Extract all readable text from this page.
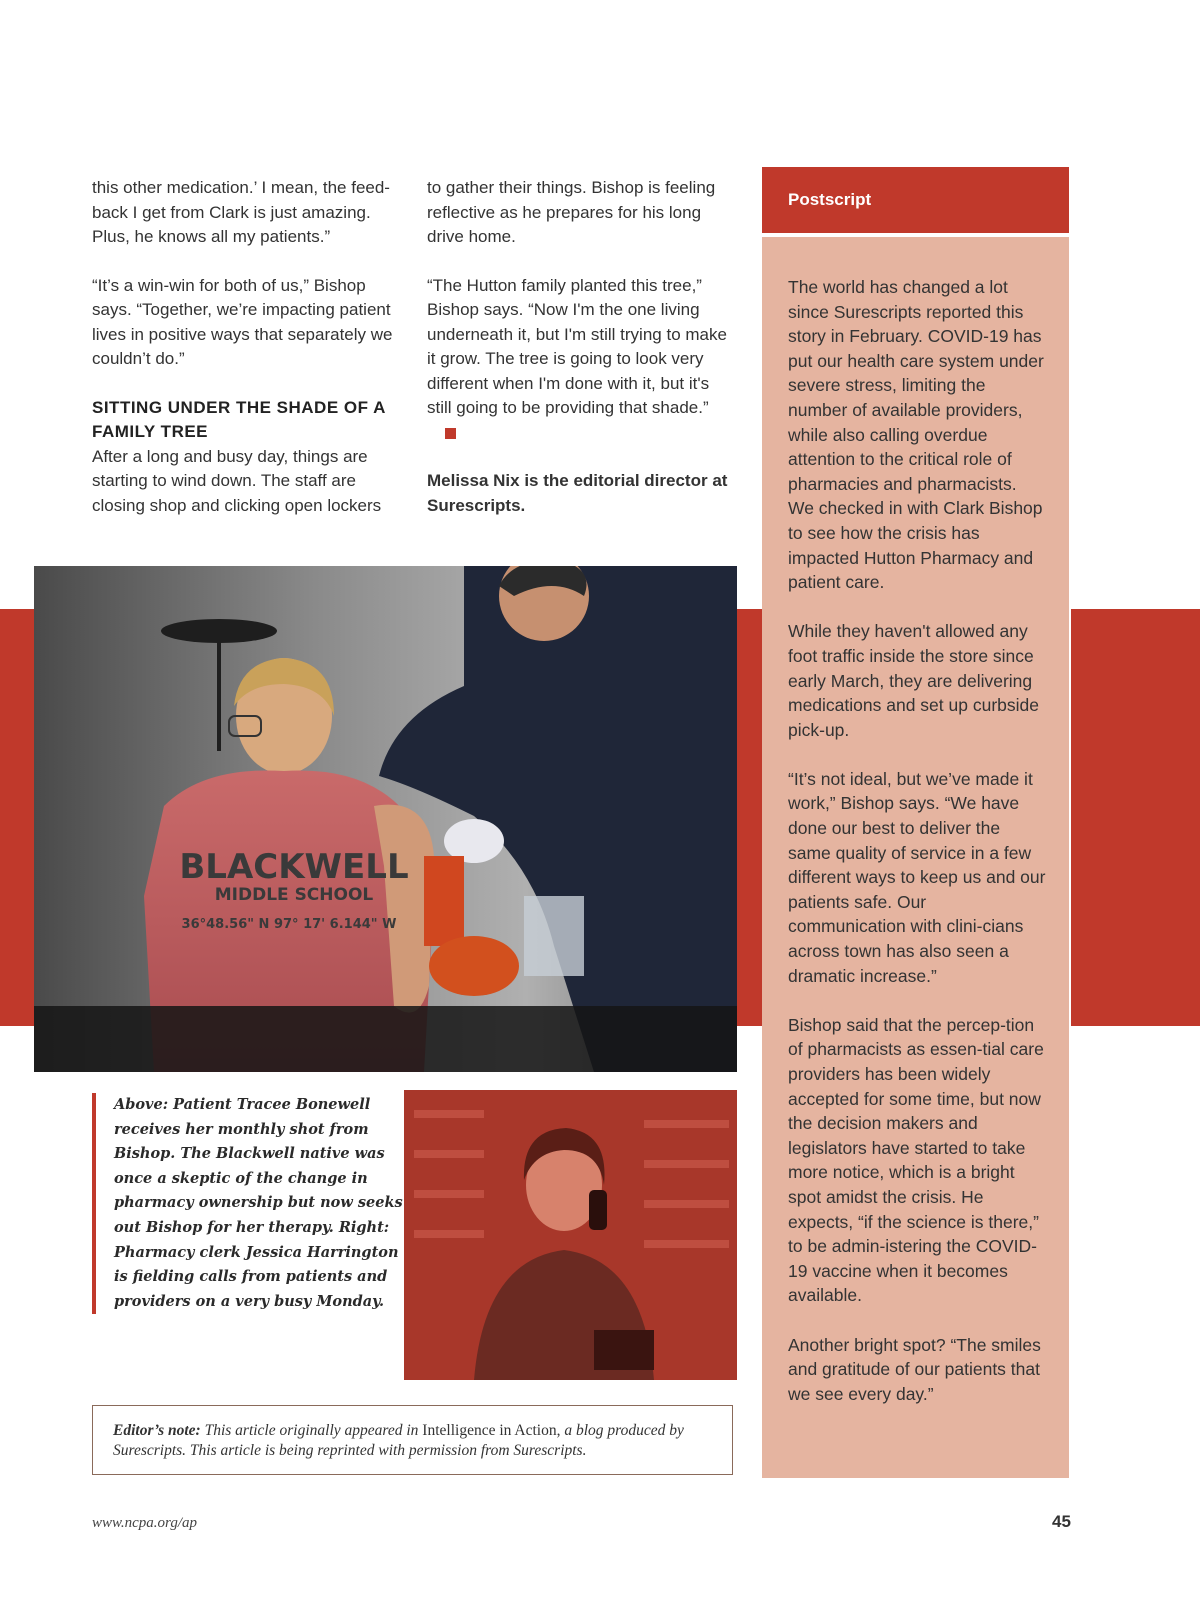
this other medication.’ I mean, the feed-back I get from Clark is just amazing. Plus, he knows all my patients.”

“It’s a win-win for both of us,” Bishop says. “Together, we’re impacting patient lives in positive ways that separately we couldn’t do.”

SITTING UNDER THE SHADE OF A FAMILY TREE

After a long and busy day, things are starting to wind down. The staff are closing shop and clicking open lockers

to gather their things. Bishop is feeling reflective as he prepares for his long drive home.

“The Hutton family planted this tree,” Bishop says. “Now I'm the one living underneath it, but I'm still trying to make it grow. The tree is going to look very different when I'm done with it, but it's still going to be providing that shade.”

Melissa Nix is the editorial director at Surescripts.

BLACKWELL
MIDDLE SCHOOL
36°48.56" N 97° 17' 6.144" W
Above: Patient Tracee Bonewell receives her monthly shot from Bishop. The Blackwell native was once a skeptic of the change in pharmacy ownership but now seeks out Bishop for her therapy. Right: Pharmacy clerk Jessica Harrington is fielding calls from patients and providers on a very busy Monday.
Editor’s note: This article originally appeared in Intelligence in Action, a blog produced by Surescripts. This article is being reprinted with permission from Surescripts.
Postscript

The world has changed a lot since Surescripts reported this story in February. COVID-19 has put our health care system under severe stress, limiting the number of available providers, while also calling overdue attention to the critical role of pharmacies and pharmacists. We checked in with Clark Bishop to see how the crisis has impacted Hutton Pharmacy and patient care.

While they haven't allowed any foot traffic inside the store since early March, they are delivering medications and set up curbside pick-up.

“It’s not ideal, but we’ve made it work,” Bishop says. “We have done our best to deliver the same quality of service in a few different ways to keep us and our patients safe. Our communication with clini-cians across town has also seen a dramatic increase.”

Bishop said that the percep-tion of pharmacists as essen-tial care providers has been widely accepted for some time, but now the decision makers and legislators have started to take more notice, which is a bright spot amidst the crisis. He expects, “if the science is there,” to be admin-istering the COVID-19 vaccine when it becomes available.

Another bright spot? “The smiles and gratitude of our patients that we see every day.”

www.ncpa.org/ap	45
